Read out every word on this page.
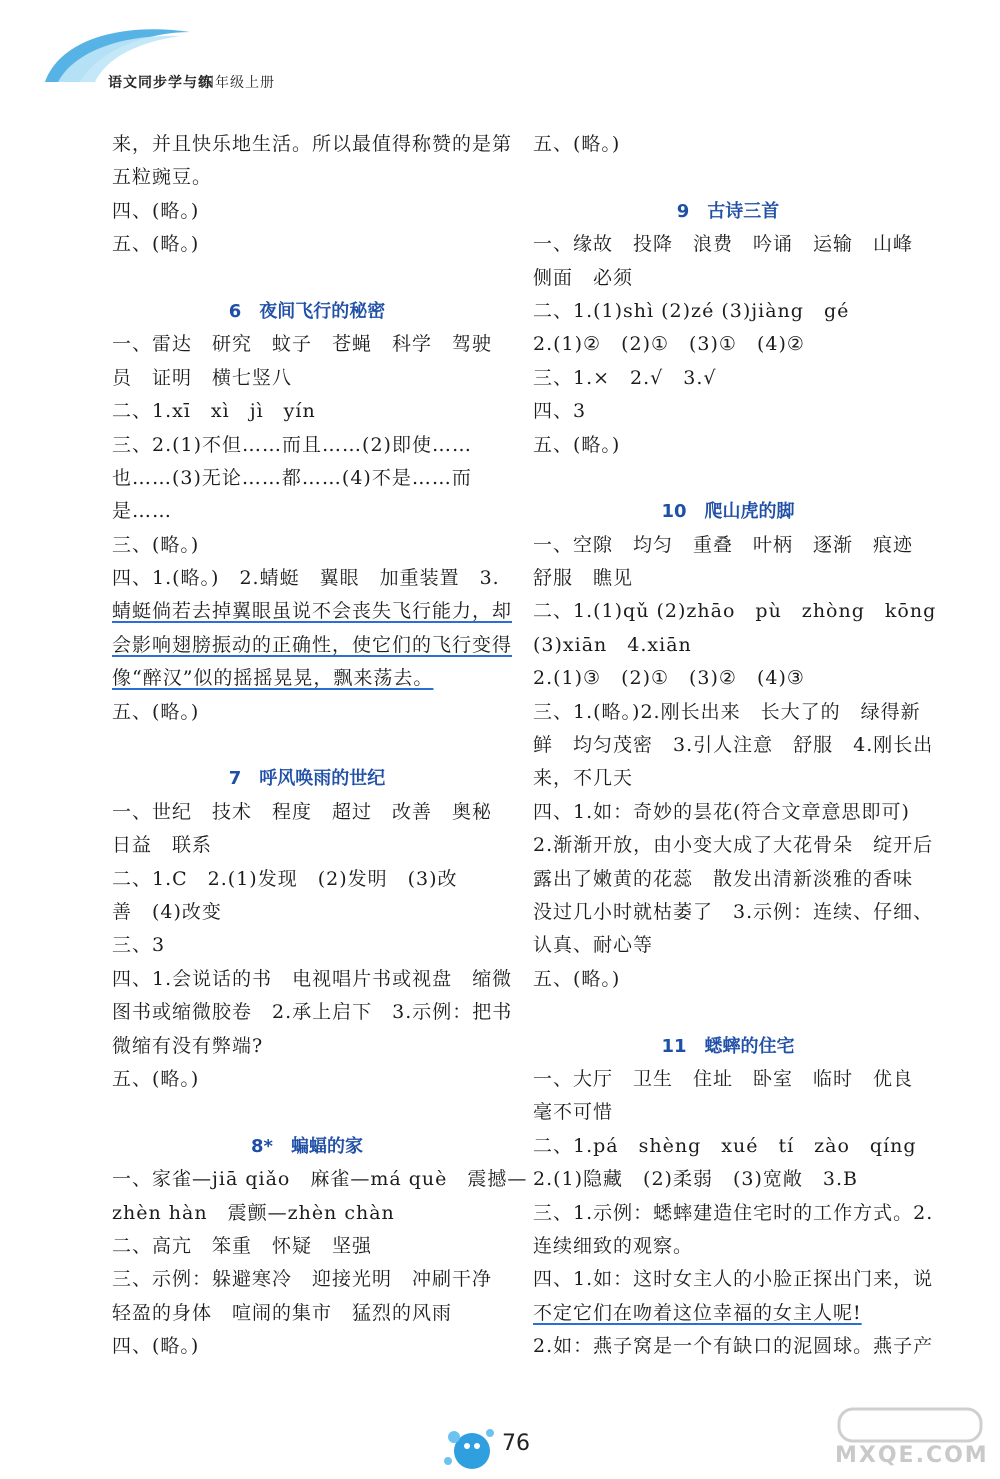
语文同步学与练
四年级上册
来，并且快乐地生活。所以最值得称赞的是第
五粒豌豆。
四、(略。)
五、(略。)
6　夜间飞行的秘密
一、雷达　研究　蚊子　苍蝇　科学　驾驶
员　证明　横七竖八
二、1.xī　xì　jì　yín
三、2.(1)不但……而且……(2)即使……
也……(3)无论……都……(4)不是……而
是……
三、(略。)
四、1.(略。)　2.蜻蜓　翼眼　加重装置　3.
蜻蜓倘若去掉翼眼虽说不会丧失飞行能力，却
会影响翅膀振动的正确性，使它们的飞行变得
像“醉汉”似的摇摇晃晃，飘来荡去。
五、(略。)
7　呼风唤雨的世纪
一、世纪　技术　程度　超过　改善　奥秘
日益　联系
二、1.C　2.(1)发现　(2)发明　(3)改
善　(4)改变
三、3
四、1.会说话的书　电视唱片书或视盘　缩微
图书或缩微胶卷　2.承上启下　3.示例：把书
微缩有没有弊端?
五、(略。)
8*　蝙蝠的家
一、家雀—jiā qiǎo　麻雀—má què　震撼—
zhèn hàn　震颤—zhèn chàn
二、高亢　笨重　怀疑　坚强
三、示例：躲避寒冷　迎接光明　冲刷干净
轻盈的身体　喧闹的集市　猛烈的风雨
四、(略。)
五、(略。)
9　古诗三首
一、缘故　投降　浪费　吟诵　运输　山峰
侧面　必须
二、1.(1)shì (2)zé (3)jiàng　gé
2.(1)②　(2)①　(3)①　(4)②
三、1.×　2.√　3.√
四、3
五、(略。)
10　爬山虎的脚
一、空隙　均匀　重叠　叶柄　逐渐　痕迹
舒服　瞧见
二、1.(1)qǔ (2)zhāo　pù　zhòng　kōng
(3)xiān　4.xiān
2.(1)③　(2)①　(3)②　(4)③
三、1.(略。)2.刚长出来　长大了的　绿得新
鲜　均匀茂密　3.引人注意　舒服　4.刚长出
来，不几天
四、1.如：奇妙的昙花(符合文章意思即可)
2.渐渐开放，由小变大成了大花骨朵　绽开后
露出了嫩黄的花蕊　散发出清新淡雅的香味
没过几小时就枯萎了　3.示例：连续、仔细、
认真、耐心等
五、(略。)
11　蟋蟀的住宅
一、大厅　卫生　住址　卧室　临时　优良
毫不可惜
二、1.pá　shèng　xué　tí　zào　qíng
2.(1)隐藏　(2)柔弱　(3)宽敞　3.B
三、1.示例：蟋蟀建造住宅时的工作方式。2.
连续细致的观察。
四、1.如：这时女主人的小脸正探出门来，说
不定它们在吻着这位幸福的女主人呢!
2.如：燕子窝是一个有缺口的泥圆球。燕子产
76	MXQE.COM
